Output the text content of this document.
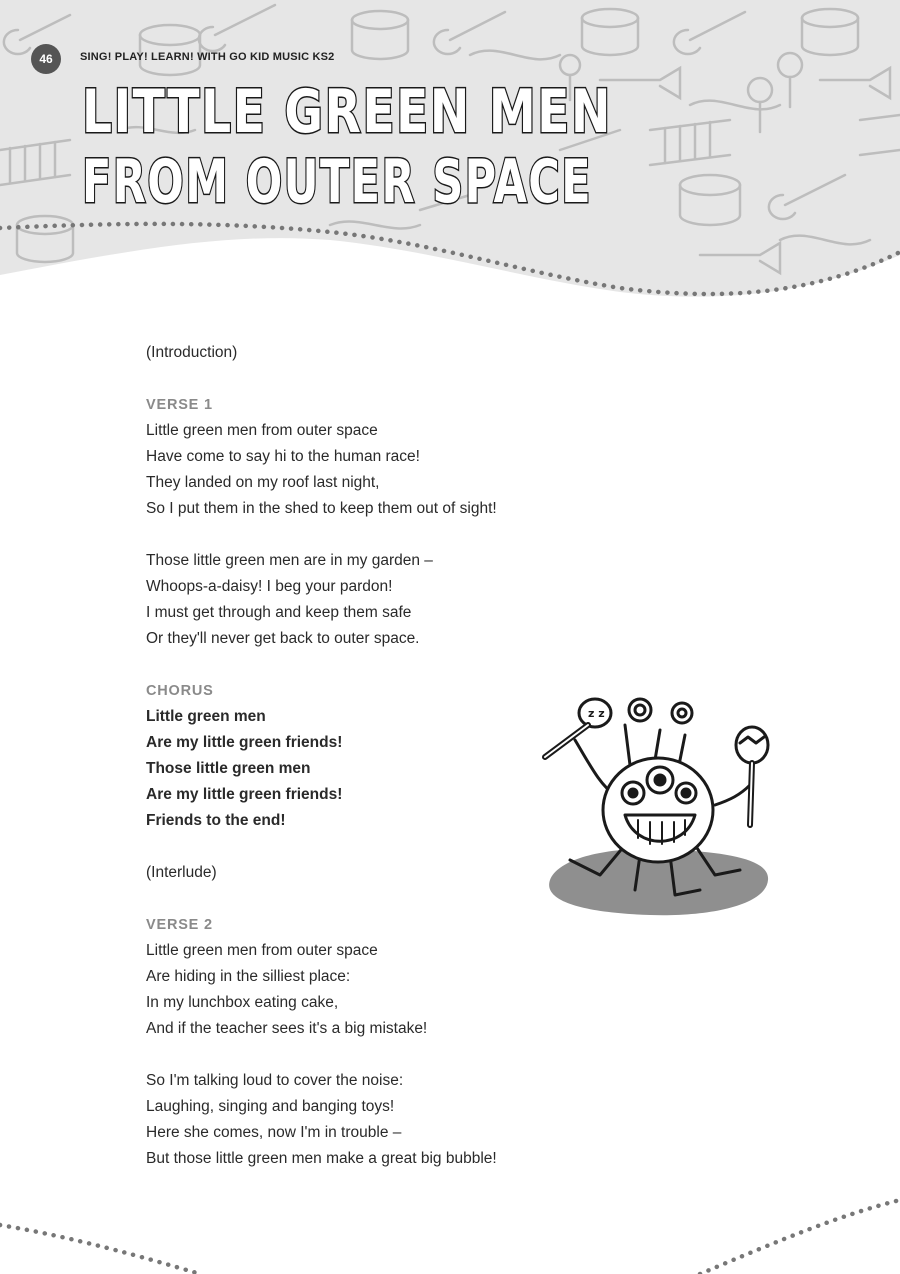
46	SING! PLAY! LEARN! WITH GO KID MUSIC KS2
LITTLE GREEN MEN
FROM OUTER SPACE
(Introduction)
VERSE 1
Little green men from outer space
Have come to say hi to the human race!
They landed on my roof last night,
So I put them in the shed to keep them out of sight!
Those little green men are in my garden –
Whoops-a-daisy! I beg your pardon!
I must get through and keep them safe
Or they'll never get back to outer space.
CHORUS
Little green men
Are my little green friends!
Those little green men
Are my little green friends!
Friends to the end!
(Interlude)
VERSE 2
Little green men from outer space
Are hiding in the silliest place:
In my lunchbox eating cake,
And if the teacher sees it's a big mistake!
So I'm talking loud to cover the noise:
Laughing, singing and banging toys!
Here she comes, now I'm in trouble –
But those little green men make a great big bubble!
z z
